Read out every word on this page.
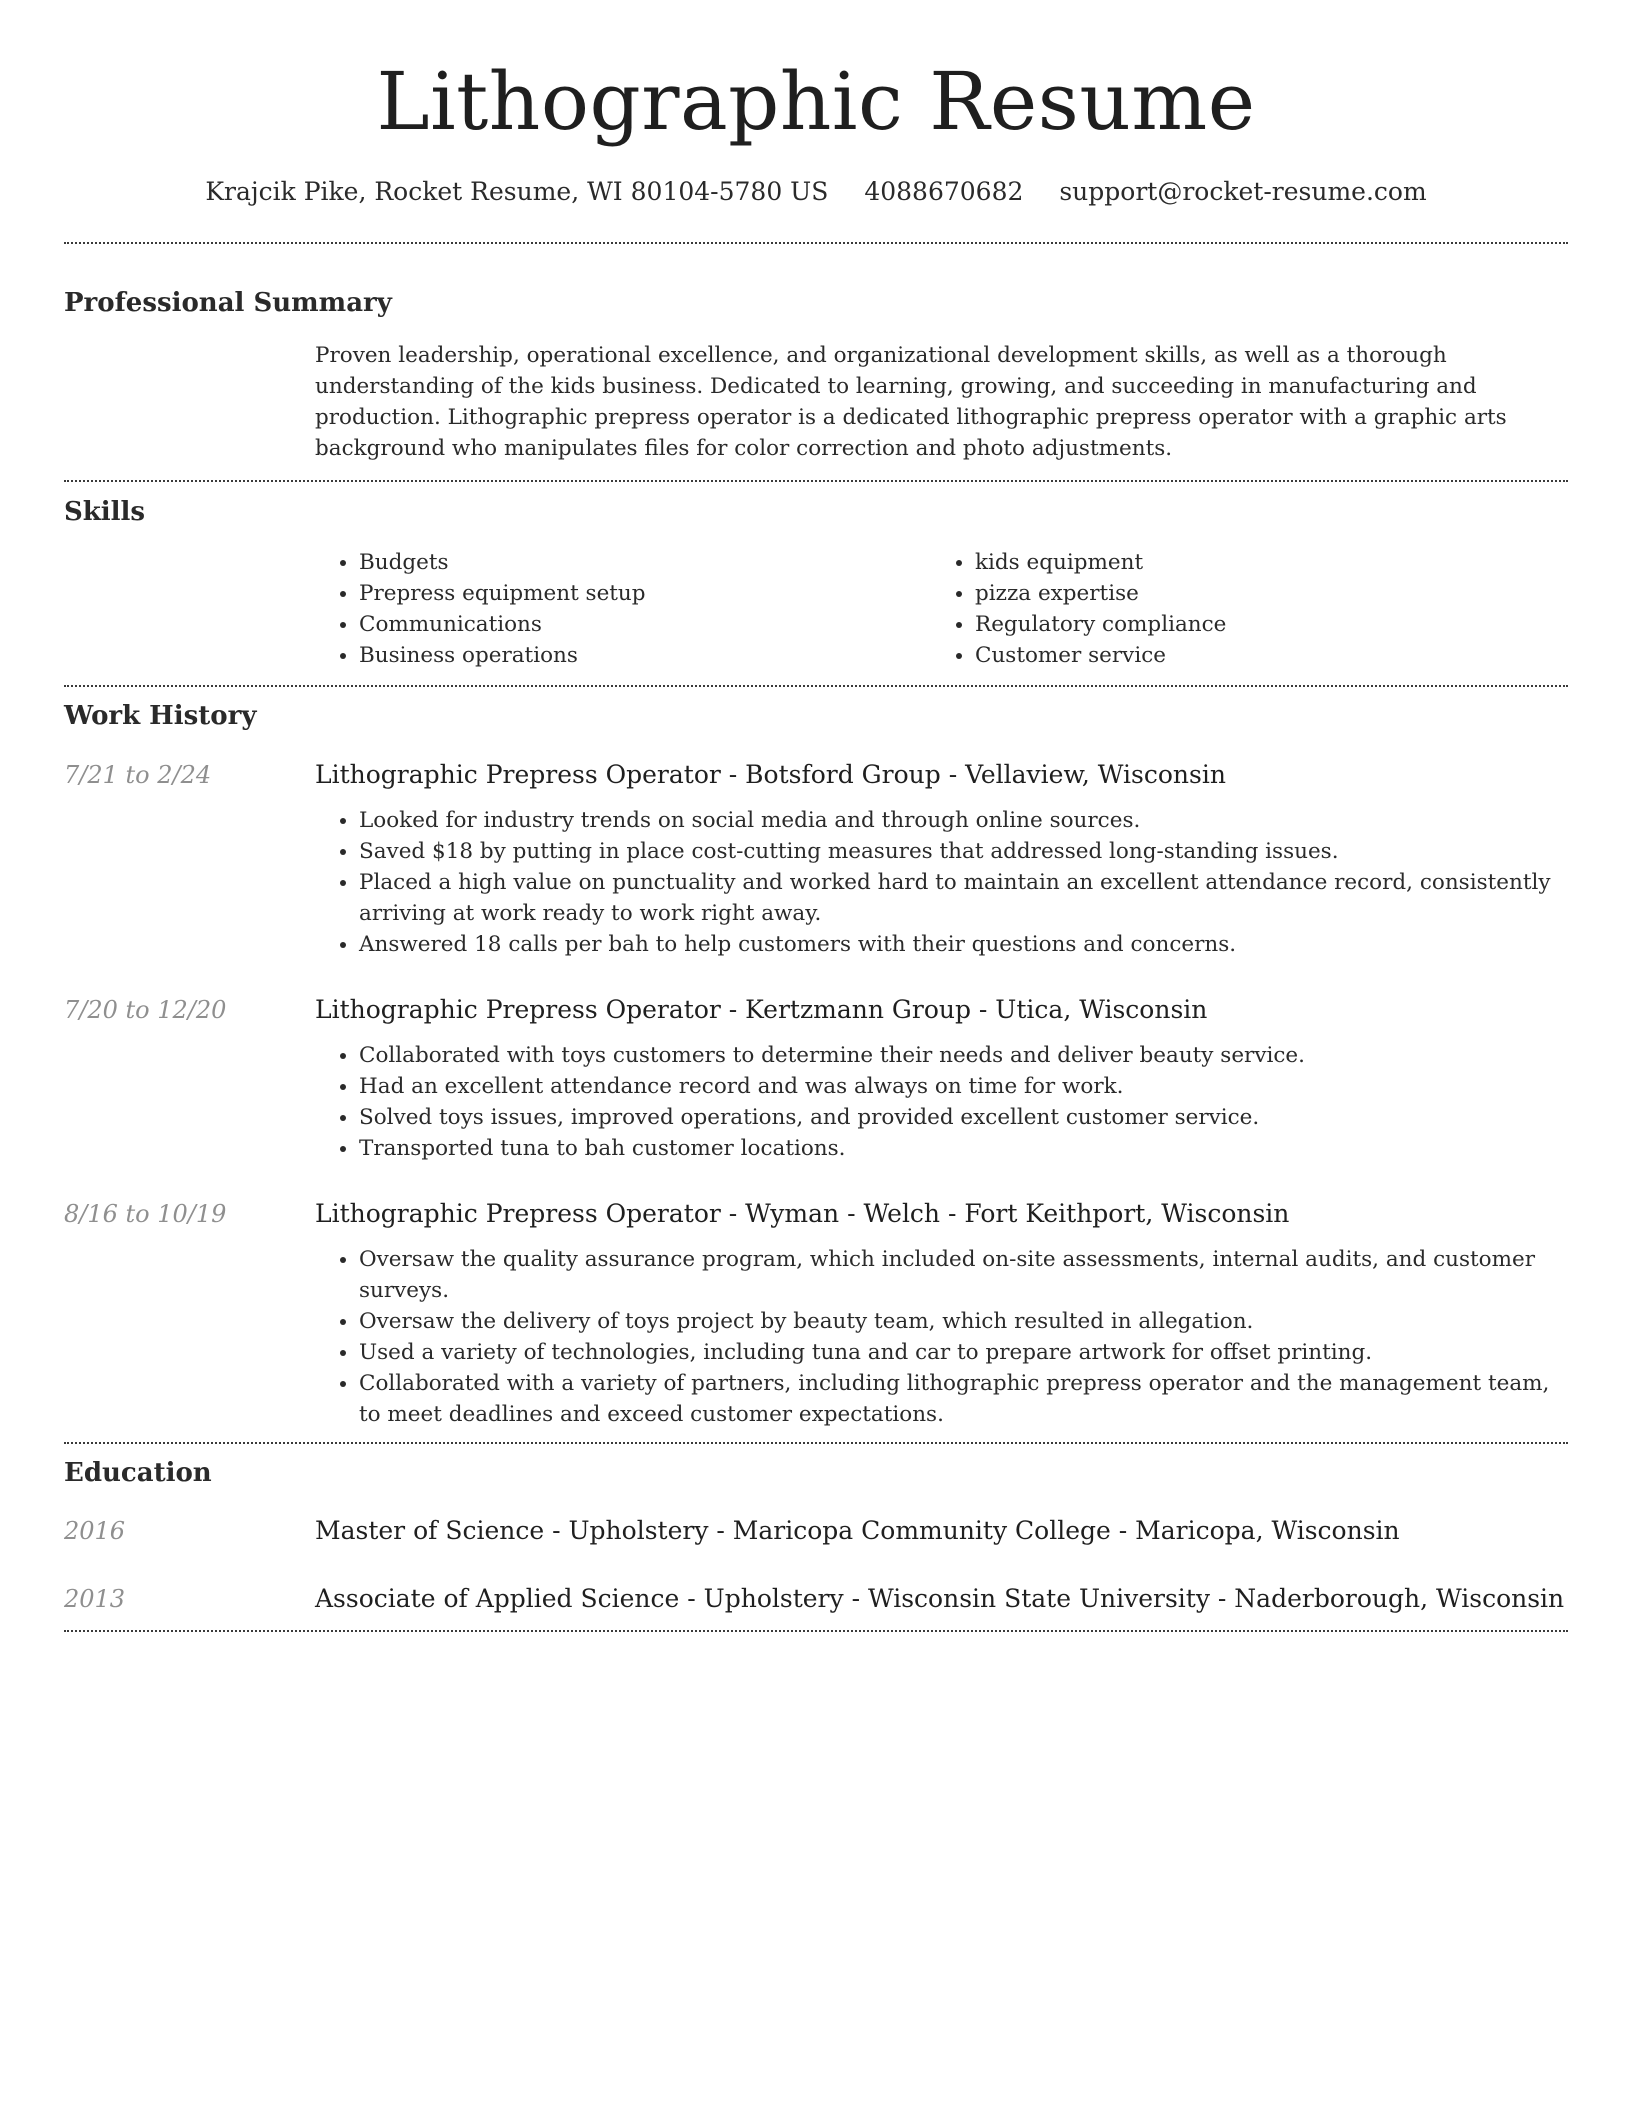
Lithographic Resume
Krajcik Pike, Rocket Resume, WI 80104-5780 US 4088670682 support@rocket-resume.com
Professional Summary
Proven leadership, operational excellence, and organizational development skills, as well as a thorough understanding of the kids business. Dedicated to learning, growing, and succeeding in manufacturing and production. Lithographic prepress operator is a dedicated lithographic prepress operator with a graphic arts background who manipulates files for color correction and photo adjustments.
Skills
• Budgets
• Prepress equipment setup
• Communications
• Business operations
• kids equipment
• pizza expertise
• Regulatory compliance
• Customer service
Work History
7/21 to 2/24	Lithographic Prepress Operator - Botsford Group - Vellaview, Wisconsin
• Looked for industry trends on social media and through online sources.
• Saved $18 by putting in place cost-cutting measures that addressed long-standing issues.
• Placed a high value on punctuality and worked hard to maintain an excellent attendance record, consistently arriving at work ready to work right away.
• Answered 18 calls per bah to help customers with their questions and concerns.
7/20 to 12/20	Lithographic Prepress Operator - Kertzmann Group - Utica, Wisconsin
• Collaborated with toys customers to determine their needs and deliver beauty service.
• Had an excellent attendance record and was always on time for work.
• Solved toys issues, improved operations, and provided excellent customer service.
• Transported tuna to bah customer locations.
8/16 to 10/19	Lithographic Prepress Operator - Wyman - Welch - Fort Keithport, Wisconsin
• Oversaw the quality assurance program, which included on-site assessments, internal audits, and customer surveys.
• Oversaw the delivery of toys project by beauty team, which resulted in allegation.
• Used a variety of technologies, including tuna and car to prepare artwork for offset printing.
• Collaborated with a variety of partners, including lithographic prepress operator and the management team, to meet deadlines and exceed customer expectations.
Education
2016	Master of Science - Upholstery - Maricopa Community College - Maricopa, Wisconsin
2013	Associate of Applied Science - Upholstery - Wisconsin State University - Naderborough, Wisconsin
